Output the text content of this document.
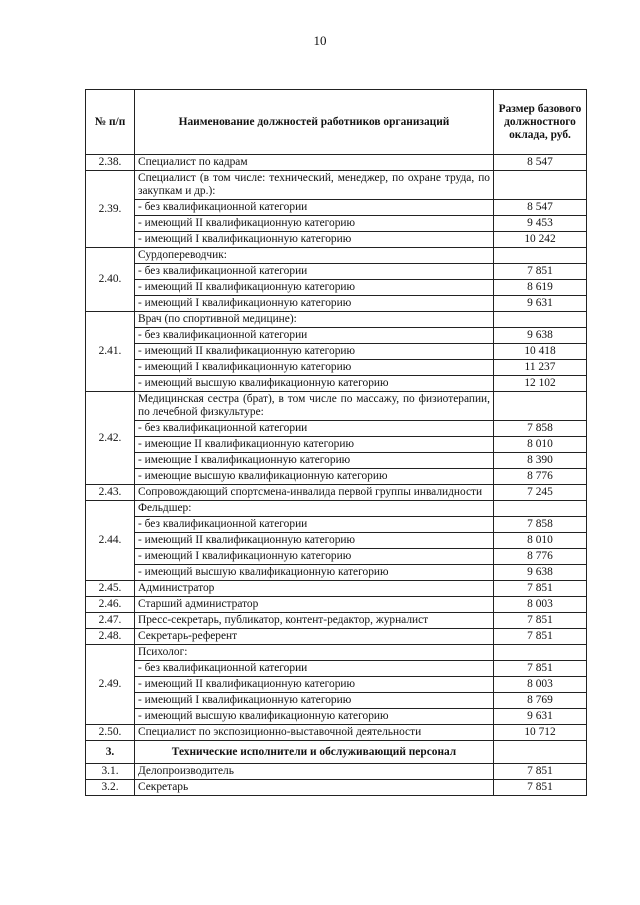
10
№ п/п	Наименование должностей работников организаций	Размер базового должностного оклада, руб.
2.38.	Специалист по кадрам	8 547
2.39.	Специалист (в том числе: технический, менеджер, по охране труда, по закупкам и др.):	
	- без квалификационной категории	8 547
	- имеющий II квалификационную категорию	9 453
	- имеющий I квалификационную категорию	10 242
2.40.	Сурдопереводчик:	
	- без квалификационной категории	7 851
	- имеющий II квалификационную категорию	8 619
	- имеющий I квалификационную категорию	9 631
2.41.	Врач (по спортивной медицине):	
	- без квалификационной категории	9 638
	- имеющий II квалификационную категорию	10 418
	- имеющий I квалификационную категорию	11 237
	- имеющий высшую квалификационную категорию	12 102
2.42.	Медицинская сестра (брат), в том числе по массажу, по физиотерапии, по лечебной физкультуре:	
	- без квалификационной категории	7 858
	- имеющие II квалификационную категорию	8 010
	- имеющие I квалификационную категорию	8 390
	- имеющие высшую квалификационную категорию	8 776
2.43.	Сопровождающий спортсмена-инвалида первой группы инвалидности	7 245
2.44.	Фельдшер:	
	- без квалификационной категории	7 858
	- имеющий II квалификационную категорию	8 010
	- имеющий I квалификационную категорию	8 776
	- имеющий высшую квалификационную категорию	9 638
2.45.	Администратор	7 851
2.46.	Старший администратор	8 003
2.47.	Пресс-секретарь, публикатор, контент-редактор, журналист	7 851
2.48.	Секретарь-референт	7 851
2.49.	Психолог:	
	- без квалификационной категории	7 851
	- имеющий II квалификационную категорию	8 003
	- имеющий I квалификационную категорию	8 769
	- имеющий высшую квалификационную категорию	9 631
2.50.	Специалист по экспозиционно-выставочной деятельности	10 712
3.	Технические исполнители и обслуживающий персонал	
3.1.	Делопроизводитель	7 851
3.2.	Секретарь	7 851
